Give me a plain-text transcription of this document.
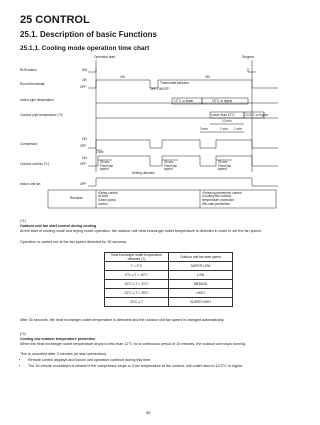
25 CONTROL
25.1. Description of basic Functions
25.1.1. Cooling mode operation time chart
Operation start	Stopped
RUN button	SW
Room thermostat
ON
OFF
ON	ON
Thermostat between
OFF ON/OFF
Indoor pipe temperature	12°C or lower	15°C or higher
Outdoor pipe temperature (*2)	Lower than 12°C	13.5°C or higher
10 min
3 min	1 min 1 min
Compressor
ON
OFF
2 sec
Outdoor unit fan (*1)
ON
OFF	30 sec.
Fixed fan
speed
30 sec.
Fixed fan
speed
30 sec.
Fixed fan
speed
Setting direction
Indoor unit fan	OFF
Remarks
•Delay control
at start
•Drain pump
control
•Freezing prevention control
•Cooling low outdoor
temperature protection
•Re-start prevention
(*1)
Outdoor unit fan start control during cooling
At the start of cooling mode and drying mode operation, the outdoor unit heat exchanger outlet temperature is detected in order to set the fan speed.
Operation is carried out at the fan speed detected for 30 seconds.
Heat exchanger outlet temperature detected (T)	Outdoor unit fan start speed
T < 0°C	SUPER LOW
0°C ≤ T < 10°C	LOW
10°C ≤ T < 20°C	MEDIUM
20°C ≤ T < 25°C	HIGH
25°C ≤ T	SUPER HIGH
After 30 seconds, the heat exchanger outlet temperature is detected and the outdoor unit fan speed is changed automatically.
(*2)
Cooling low outdoor temperature protection
When the heat exchanger outlet temperature drops to less than 12°C for a continuous period of 10 minutes, the outdoor unit stops running.
This is cancelled after 3 minutes (re-start prevention).
• Remote control displays and indoor unit operation continue during this time.
• The 10-minute countdown is cleared if the compressor stops or if the temperature at the outdoor unit outlet rises to 13.5°C or higher.
55
